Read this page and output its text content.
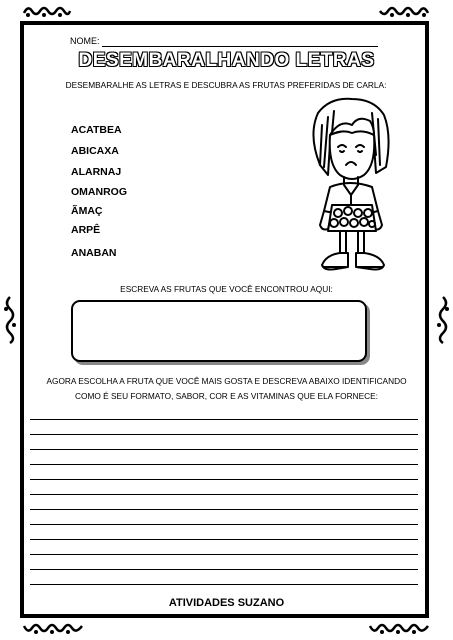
NOME:
DESEMBARALHANDO LETRAS
DESEMBARALHE AS LETRAS E DESCUBRA AS FRUTAS PREFERIDAS DE CARLA:
ACATBEA
ABICAXA
ALARNAJ
OMANROG
ÃMAÇ
ARPÊ
ANABAN
ESCREVA AS FRUTAS QUE VOCÊ ENCONTROU AQUI:
AGORA ESCOLHA A FRUTA QUE VOCÊ MAIS GOSTA E DESCREVA ABAIXO IDENTIFICANDO
COMO É SEU FORMATO, SABOR, COR E AS VITAMINAS QUE ELA FORNECE:
ATIVIDADES SUZANO
